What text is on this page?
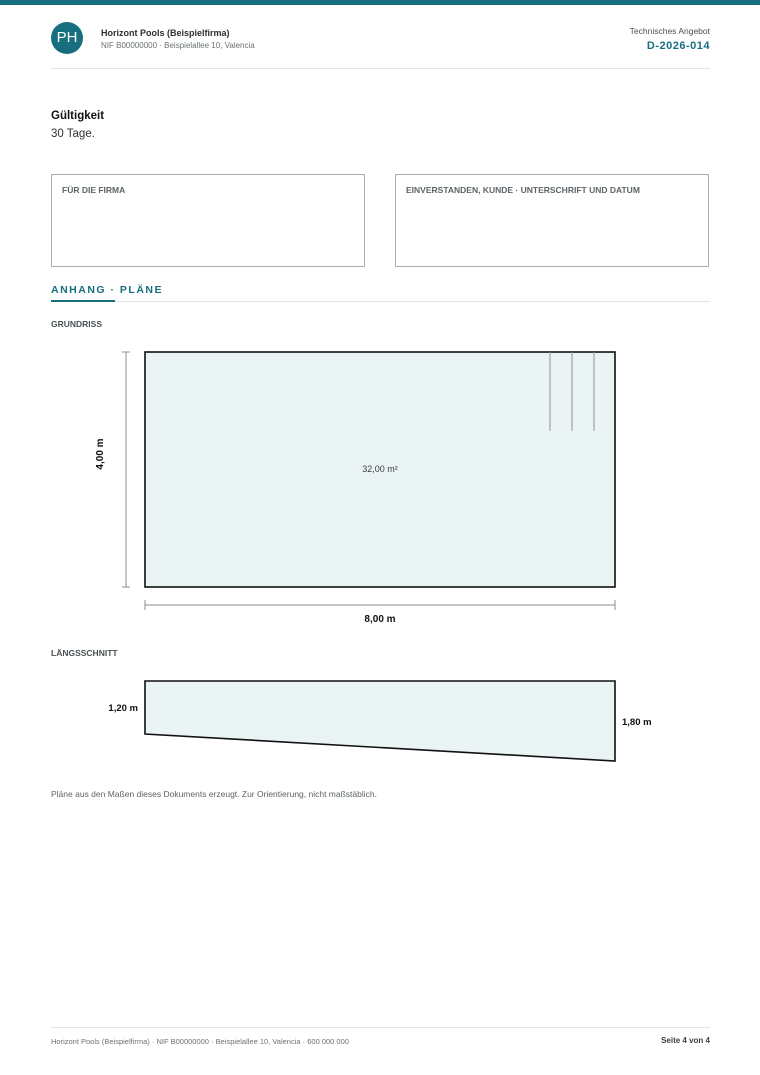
PH	Horizont Pools (Beispielfirma)
NIF B00000000 · Beispielallee 10, Valencia
Technisches Angebot
D-2026-014
Gültigkeit
30 Tage.
FÜR DIE FIRMA	EINVERSTANDEN, KUNDE · UNTERSCHRIFT UND DATUM
ANHANG · PLÄNE
GRUNDRISS
LÄNGSSCHNITT
32,00 m²
4,00 m
8,00 m
1,20 m
1,80 m
Pläne aus den Maßen dieses Dokuments erzeugt. Zur Orientierung, nicht maßstäblich.
Horizont Pools (Beispielfirma) · NIF B00000000 · Beispielallee 10, Valencia · 600 000 000	Seite 4 von 4
